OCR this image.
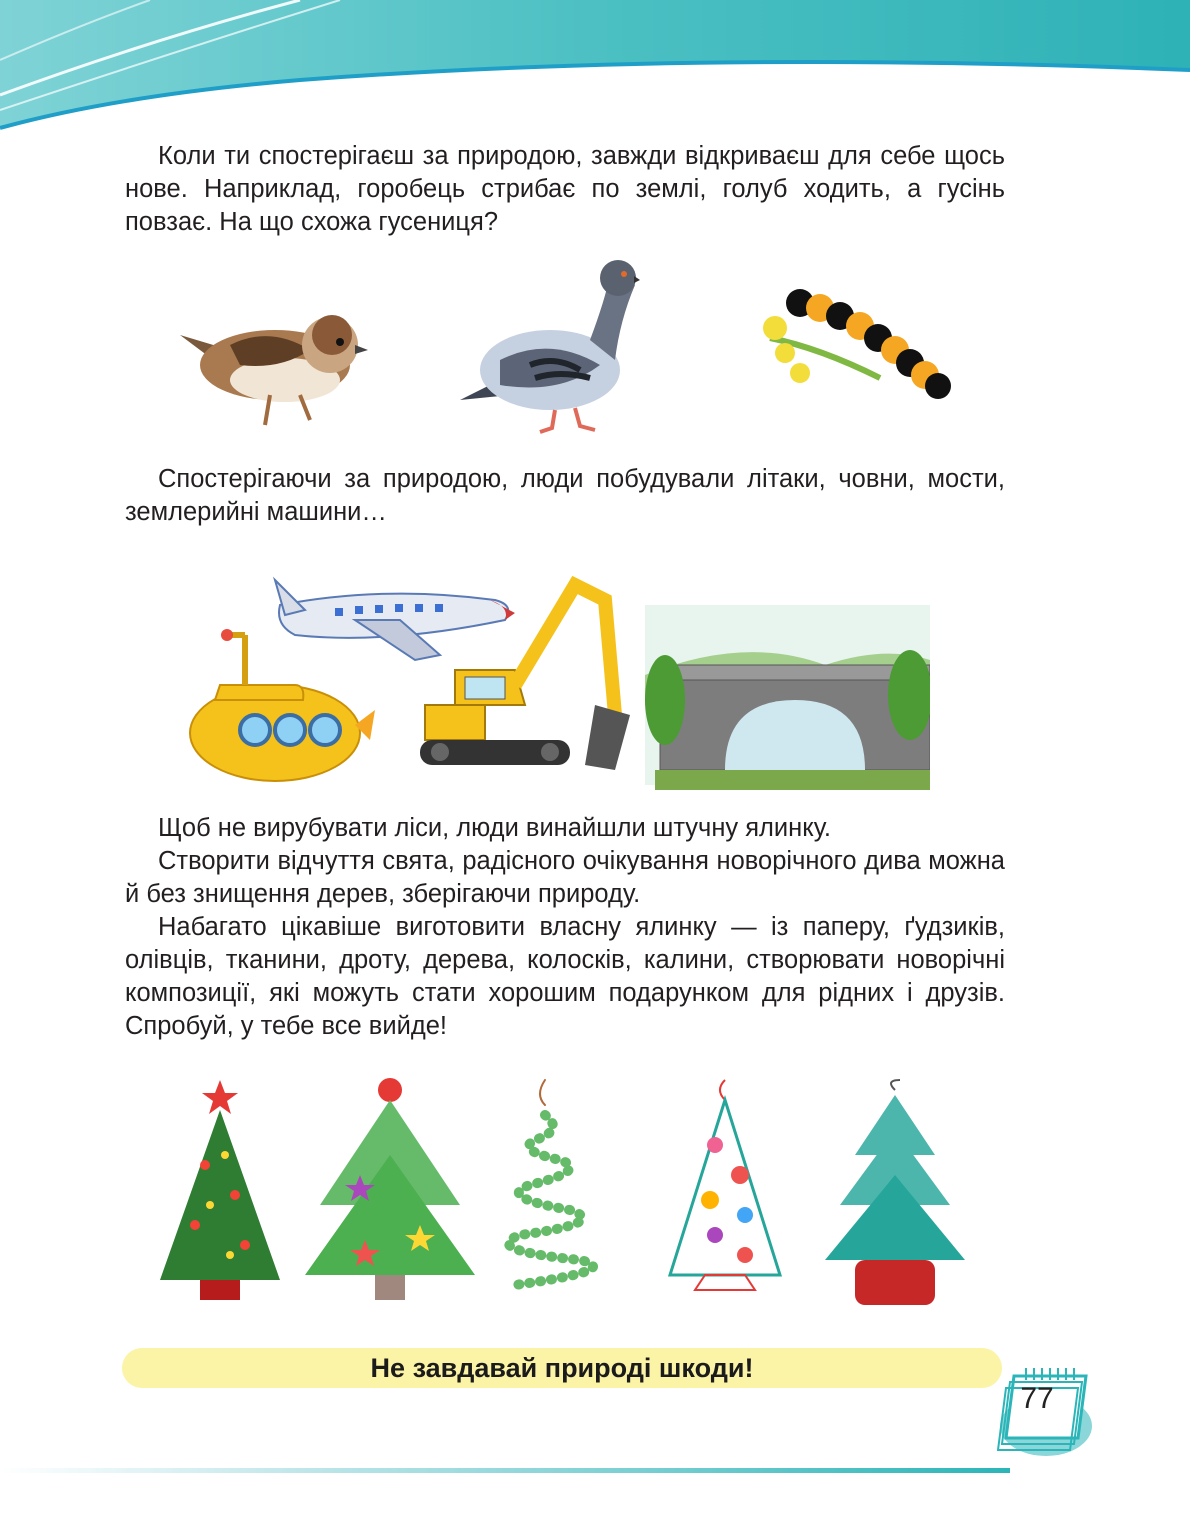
Коли ти спостерігаєш за природою, завжди відкриваєш для себе щось нове. Наприклад, горобець стрибає по землі, голуб ходить, а гусінь повзає. На що схожа гусениця?

Спостерігаючи за природою, люди побудували літаки, човни, мости, землерийні машини…

Щоб не вирубувати ліси, люди винайшли штучну ялинку.

Створити відчуття свята, радісного очікування новорічного дива можна й без знищення дерев, зберігаючи природу.

Набагато цікавіше виготовити власну ялинку — із паперу, ґудзиків, олівців, тканини, дроту, дерева, колосків, калини, створювати новорічні композиції, які можуть стати хорошим подарунком для рідних і друзів. Спробуй, у тебе все вийде!

Не завдавай природі шкоди!
77
